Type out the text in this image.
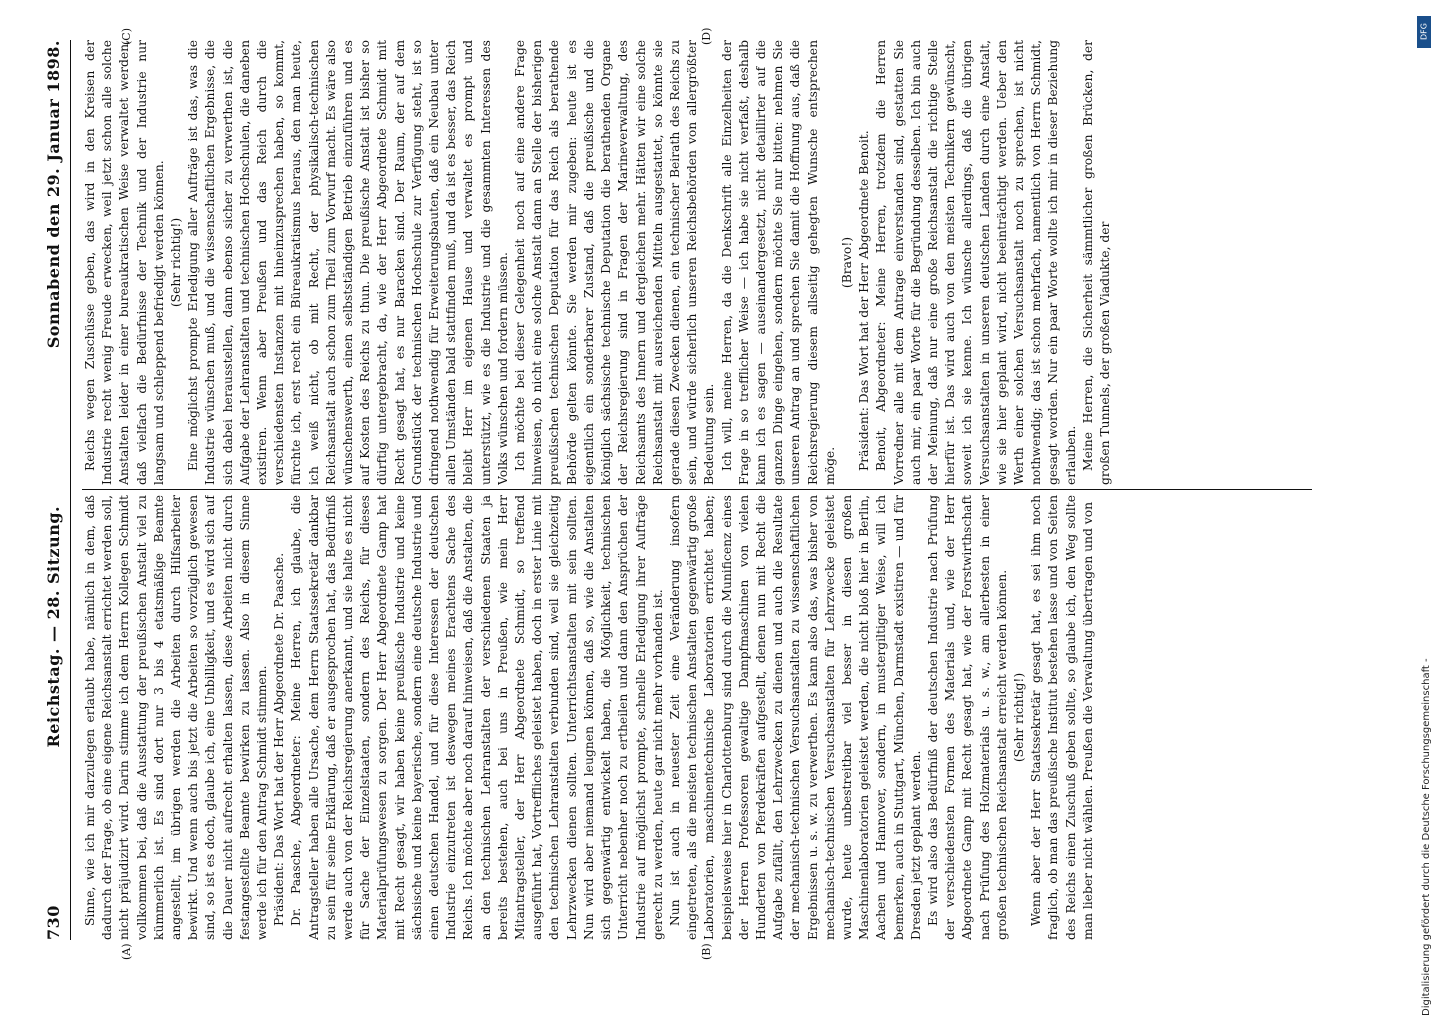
730
Reichstag. — 28. Sitzung.
Sonnabend den 29. Januar 1898.

Sinne, wie ich mir darzulegen erlaubt habe, nämlich in dem, daß dadurch der Frage, ob eine eigene Reichsanstalt errichtet werden soll, nicht präjudizirt wird. Darin stimme ich dem Herrn Kollegen Schmidt vollkommen bei, daß die Ausstattung der preußischen Anstalt viel zu kümmerlich ist. Es sind dort nur 3 bis 4 etatsmäßige Beamte angestellt, im übrigen werden die Arbeiten durch Hilfsarbeiter bewirkt. Und wenn auch bis jetzt die Arbeiten so vorzüglich gewesen sind, so ist es doch, glaube ich, eine Unbilligkeit, und es wird sich auf die Dauer nicht aufrecht erhalten lassen, diese Arbeiten nicht durch festangestellte Beamte bewirken zu lassen. Also in diesem Sinne werde ich für den Antrag Schmidt stimmen. Präsident: Das Wort hat der Herr Abgeordnete Dr. Paasche. Dr. Paasche, Abgeordneter: Meine Herren, ich glaube, die Antragsteller haben alle Ursache, dem Herrn Staatssekretär dankbar zu sein für seine Erklärung, daß er ausgesprochen hat, das Bedürfniß werde auch von der Reichsregierung anerkannt, und sie halte es nicht für Sache der Einzelstaaten, sondern des Reichs, für dieses Materialprüfungswesen zu sorgen. Der Herr Abgeordnete Gamp hat mit Recht gesagt, wir haben keine preußische Industrie und keine sächsische und keine bayerische, sondern eine deutsche Industrie und einen deutschen Handel, und für diese Interessen der deutschen Industrie einzutreten ist deswegen meines Erachtens Sache des Reichs. Ich möchte aber noch darauf hinweisen, daß die Anstalten, die an den technischen Lehranstalten der verschiedenen Staaten ja bereits bestehen, auch bei uns in Preußen, wie mein Herr Mitantragsteller, der Herr Abgeordnete Schmidt, so treffend ausgeführt hat, Vortreffliches geleistet haben, doch in erster Linie mit den technischen Lehranstalten verbunden sind, weil sie gleichzeitig Lehrzwecken dienen sollten. Unterrichtsanstalten mit sein sollten. Nun wird aber niemand leugnen können, daß so, wie die Anstalten sich gegenwärtig entwickelt haben, die Möglichkeit, technischen Unterricht nebenher noch zu ertheilen und dann den Ansprüchen der Industrie auf möglichst prompte, schnelle Erledigung ihrer Aufträge gerecht zu werden, heute gar nicht mehr vorhanden ist. Nun ist auch in neuester Zeit eine Veränderung insofern eingetreten, als die meisten technischen Anstalten gegenwärtig große Laboratorien, maschinentechnische Laboratorien errichtet haben; beispielsweise hier in Charlottenburg sind durch die Munificenz eines der Herren Professoren gewaltige Dampfmaschinen von vielen Hunderten von Pferdekräften aufgestellt, denen nun mit Recht die Aufgabe zufällt, den Lehrzwecken zu dienen und auch die Resultate der mechanisch-technischen Versuchsanstalten zu wissenschaftlichen Ergebnissen u. s. w. zu verwerthen. Es kann also das, was bisher von mechanisch-technischen Versuchsanstalten für Lehrzwecke geleistet wurde, heute unbestreitbar viel besser in diesen großen Maschinenlaboratorien geleistet werden, die nicht bloß hier in Berlin, Aachen und Hannover, sondern, in mustergiltiger Weise, will ich bemerken, auch in Stuttgart, München, Darmstadt existiren — und für Dresden jetzt geplant werden. Es wird also das Bedürfniß der deutschen Industrie nach Prüfung der verschiedensten Formen des Materials und, wie der Herr Abgeordnete Gamp mit Recht gesagt hat, wie der Forstwirthschaft nach Prüfung des Holzmaterials u. s. w., am allerbesten in einer großen technischen Reichsanstalt erreicht werden können. (Sehr richtig!) Wenn aber der Herr Staatssekretär gesagt hat, es sei ihm noch fraglich, ob man das preußische Institut bestehen lasse und von Seiten des Reichs einen Zuschuß geben sollte, so glaube ich, den Weg sollte man lieber nicht wählen. Preußen die Verwaltung übertragen und von

Reichs wegen Zuschüsse geben, das wird in den Kreisen der Industrie recht wenig Freude erwecken, weil jetzt schon alle solche Anstalten leider in einer bureaukratischen Weise verwaltet werden, daß vielfach die Bedürfnisse der Technik und der Industrie nur langsam und schleppend befriedigt werden können. (Sehr richtig!) Eine möglichst prompte Erledigung aller Aufträge ist das, was die Industrie wünschen muß, und die wissenschaftlichen Ergebnisse, die sich dabei herausstellen, dann ebenso sicher zu verwerthen ist, die Aufgabe der Lehranstalten und technischen Hochschulen, die daneben existiren. Wenn aber Preußen und das Reich durch die verschiedensten Instanzen mit hineinzusprechen haben, so kommt, fürchte ich, erst recht ein Büreaukratismus heraus, den man heute, ich weiß nicht, ob mit Recht, der physikalisch-technischen Reichsanstalt auch schon zum Theil zum Vorwurf macht. Es wäre also wünschenswerth, einen selbstständigen Betrieb einzuführen und es auf Kosten des Reichs zu thun. Die preußische Anstalt ist bisher so dürftig untergebracht, da, wie der Herr Abgeordnete Schmidt mit Recht gesagt hat, es nur Baracken sind. Der Raum, der auf dem Grundstück der technischen Hochschule zur Verfügung steht, ist so dringend nothwendig für Erweiterungsbauten, daß ein Neubau unter allen Umständen bald stattfinden muß, und da ist es besser, das Reich bleibt Herr im eigenen Hause und verwaltet es prompt und unterstützt, wie es die Industrie und die gesammten Interessen des Volks wünschen und fordern müssen. Ich möchte bei dieser Gelegenheit noch auf eine andere Frage hinweisen, ob nicht eine solche Anstalt dann an Stelle der bisherigen preußischen technischen Deputation für das Reich als berathende Behörde gelten könnte. Sie werden mir zugeben: heute ist es eigentlich ein sonderbarer Zustand, daß die preußische und die königlich sächsische technische Deputation die berathenden Organe der Reichsregierung sind in Fragen der Marineverwaltung, des Reichsamts des Innern und dergleichen mehr. Hätten wir eine solche Reichsanstalt mit ausreichenden Mitteln ausgestattet, so könnte sie gerade diesen Zwecken dienen, ein technischer Beirath des Reichs zu sein, und würde sicherlich unseren Reichsbehörden von allergrößter Bedeutung sein. Ich will, meine Herren, da die Denkschrift alle Einzelheiten der Frage in so trefflicher Weise — ich habe sie nicht verfaßt, deshalb kann ich es sagen — auseinandergesetzt, nicht detaillirter auf die ganzen Dinge eingehen, sondern möchte Sie nur bitten: nehmen Sie unseren Antrag an und sprechen Sie damit die Hoffnung aus, daß die Reichsregierung diesem allseitig gehegten Wunsche entsprechen möge.

(Bravo!) Präsident: Das Wort hat der Herr Abgeordnete Benoit. Benoit, Abgeordneter: Meine Herren, trotzdem die Herren Vorredner alle mit dem Antrage einverstanden sind, gestatten Sie auch mir, ein paar Worte für die Begründung desselben. Ich bin auch der Meinung, daß nur eine große Reichsanstalt die richtige Stelle hierfür ist. Das wird auch von den meisten Technikern gewünscht, soweit ich sie kenne. Ich wünsche allerdings, daß die übrigen Versuchsanstalten in unseren deutschen Landen durch eine Anstalt, wie sie hier geplant wird, nicht beeinträchtigt werden. Ueber den Werth einer solchen Versuchsanstalt noch zu sprechen, ist nicht nothwendig; das ist schon mehrfach, namentlich von Herrn Schmidt, gesagt worden. Nur ein paar Worte wollte ich mir in dieser Beziehung erlauben. Meine Herren, die Sicherheit sämmtlicher großen Brücken, der großen Tunnels, der großen Viadukte, der

(A)	(B)
(C)	(D)	DFG
Digitalisierung gefördert durch die Deutsche Forschungsgemeinschaft -
